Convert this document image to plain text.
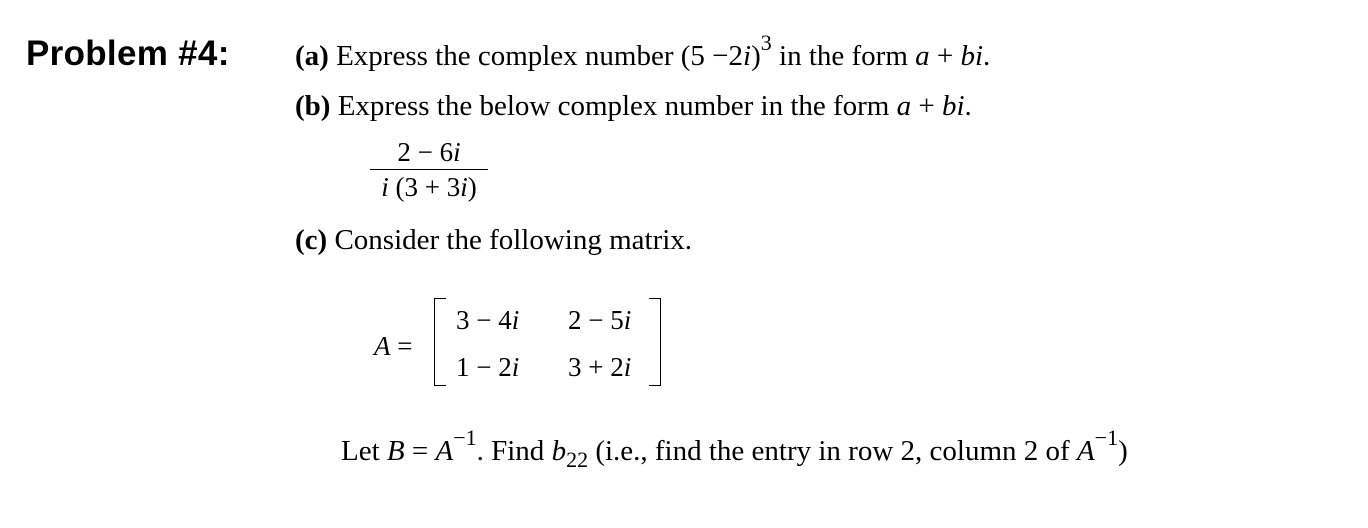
Problem #4: (a) Express the complex number $(5 -2i)^3$ in the form a + bi.
(b) Express the below complex number in the form a + bi.
$\frac{2 - 6i}{i (3 + 3i)}$
(c) Consider the following matrix.
A =
3 − 4i 2 − 5i
1 − 2i 3 + 2i
Let $B = A^{-1}$. Find $b_{22}$ (i.e., find the entry in row 2, column 2 of $A^{-1}$)
